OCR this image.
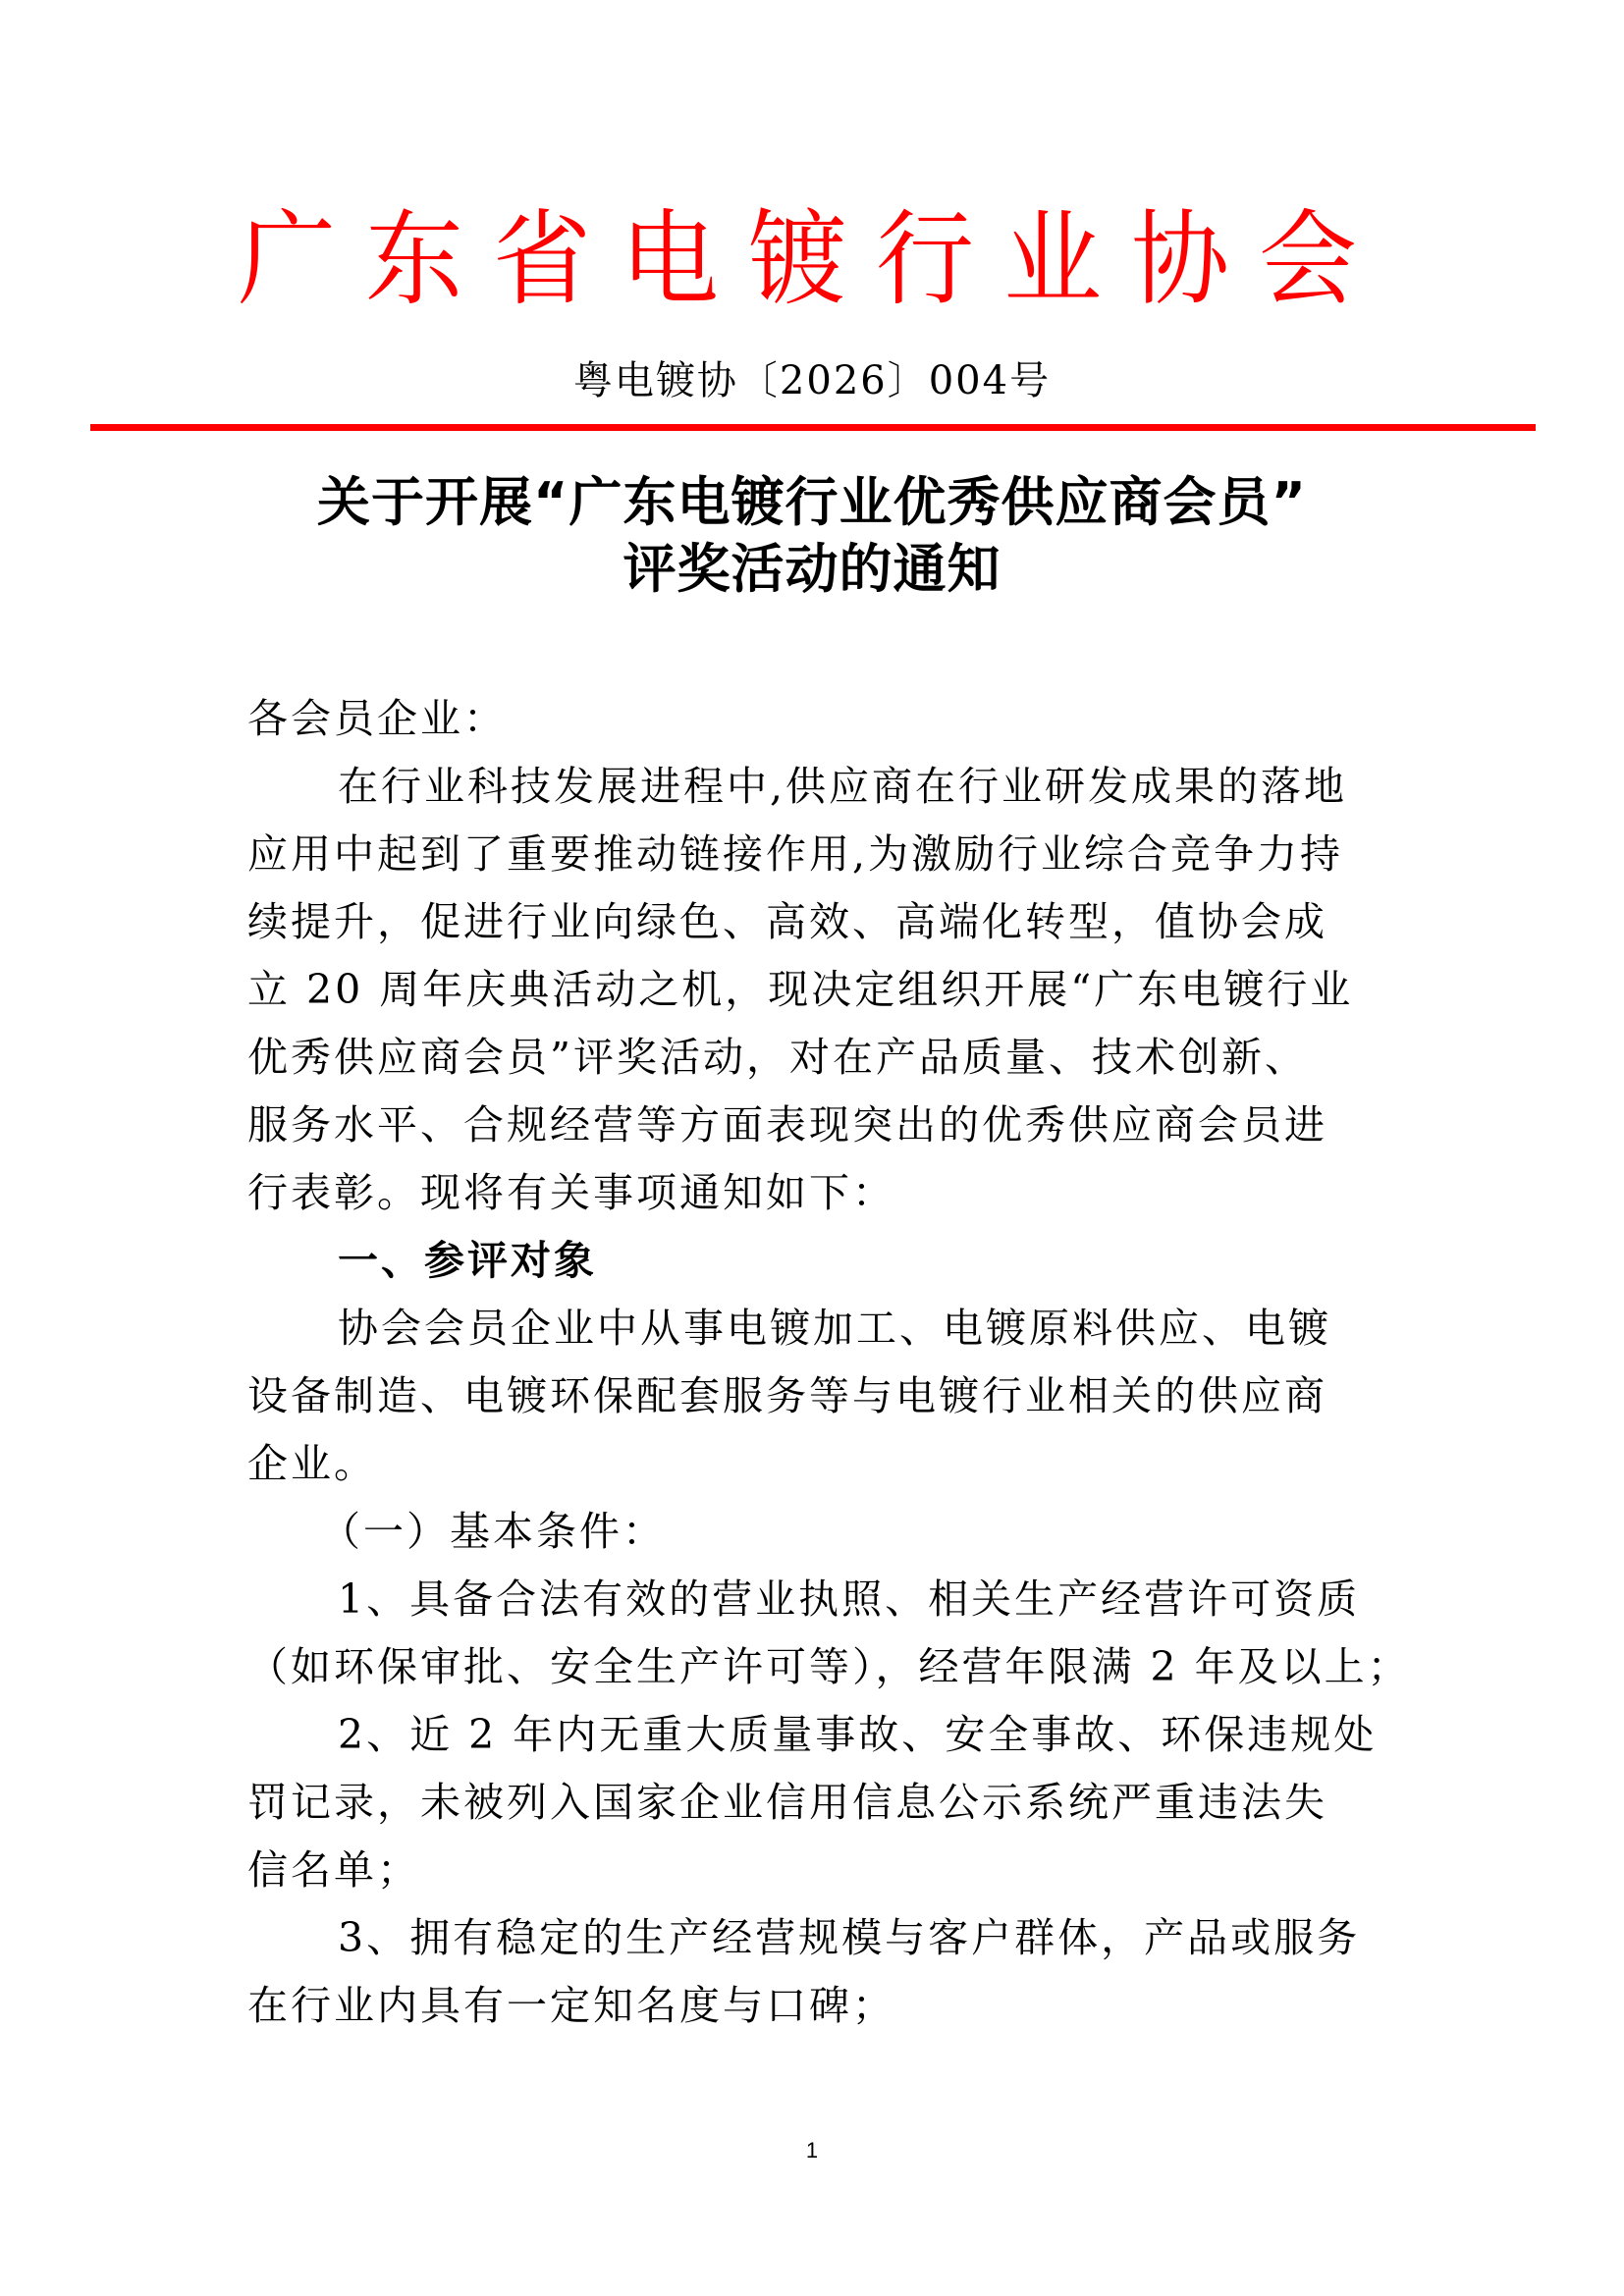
广东省电镀行业协会
粤电镀协〔2026〕004号
关于开展“广东电镀行业优秀供应商会员”
评奖活动的通知
各会员企业：
在行业科技发展进程中,供应商在行业研发成果的落地
应用中起到了重要推动链接作用,为激励行业综合竞争力持
续提升，促进行业向绿色、高效、高端化转型，值协会成
立 20 周年庆典活动之机，现决定组织开展“广东电镀行业
优秀供应商会员”评奖活动，对在产品质量、技术创新、
服务水平、合规经营等方面表现突出的优秀供应商会员进
行表彰。现将有关事项通知如下：
一、参评对象
协会会员企业中从事电镀加工、电镀原料供应、电镀
设备制造、电镀环保配套服务等与电镀行业相关的供应商
企业。
（一）基本条件：
1、具备合法有效的营业执照、相关生产经营许可资质
（如环保审批、安全生产许可等），经营年限满 2 年及以上；
2、近 2 年内无重大质量事故、安全事故、环保违规处
罚记录，未被列入国家企业信用信息公示系统严重违法失
信名单；
3、拥有稳定的生产经营规模与客户群体，产品或服务
在行业内具有一定知名度与口碑；
1
